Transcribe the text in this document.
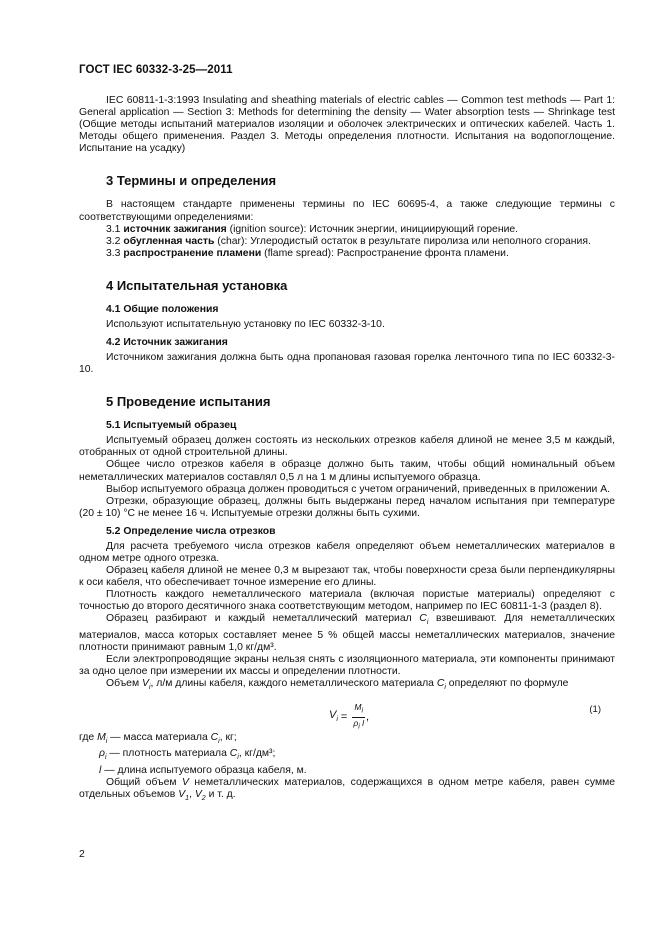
ГОСТ IEC 60332-3-25—2011

IEC 60811-1-3:1993 Insulating and sheathing materials of electric cables — Common test methods — Part 1: General application — Section 3: Methods for determining the density — Water absorption tests — Shrinkage test (Общие методы испытаний материалов изоляции и оболочек электрических и оптических кабелей. Часть 1. Методы общего применения. Раздел 3. Методы определения плотности. Испытания на водопоглощение. Испытание на усадку)

3 Термины и определения

В настоящем стандарте применены термины по IEC 60695-4, а также следующие термины с соответствующими определениями:

3.1 источник зажигания (ignition source): Источник энергии, инициирующий горение.

3.2 обугленная часть (char): Углеродистый остаток в результате пиролиза или неполного сгорания.

3.3 распространение пламени (flame spread): Распространение фронта пламени.

4 Испытательная установка
4.1 Общие положения

Используют испытательную установку по IEC 60332-3-10.

4.2 Источник зажигания

Источником зажигания должна быть одна пропановая газовая горелка ленточного типа по IEC 60332-3-10.

5 Проведение испытания
5.1 Испытуемый образец

Испытуемый образец должен состоять из нескольких отрезков кабеля длиной не менее 3,5 м каждый, отобранных от одной строительной длины.

Общее число отрезков кабеля в образце должно быть таким, чтобы общий номинальный объем неметаллических материалов составлял 0,5 л на 1 м длины испытуемого образца.

Выбор испытуемого образца должен проводиться с учетом ограничений, приведенных в приложении А.

Отрезки, образующие образец, должны быть выдержаны перед началом испытания при температуре (20 ± 10) °С не менее 16 ч. Испытуемые отрезки должны быть сухими.

5.2 Определение числа отрезков

Для расчета требуемого числа отрезков кабеля определяют объем неметаллических материалов в одном метре одного отрезка.

Образец кабеля длиной не менее 0,3 м вырезают так, чтобы поверхности среза были перпендикулярны к оси кабеля, что обеспечивает точное измерение его длины.

Плотность каждого неметаллического материала (включая пористые материалы) определяют с точностью до второго десятичного знака соответствующим методом, например по IEC 60811-1-3 (раздел 8).

Образец разбирают и каждый неметаллический материал $C_i$ взвешивают. Для неметаллических материалов, масса которых составляет менее 5 % общей массы неметаллических материалов, значение плотности принимают равным 1,0 кг/дм³.

Если электропроводящие экраны нельзя снять с изоляционного материала, эти компоненты принимают за одно целое при измерении их массы и определении плотности.

Объем $V_i$, л/м длины кабеля, каждого неметаллического материала $C_i$ определяют по формуле

$V_i = \frac{M_i}{\rho_i l}$ ,
(1)

где $M_i$ — масса материала $C_i$, кг;

$\rho_i$ — плотность материала $C_i$, кг/дм³;

l — длина испытуемого образца кабеля, м.

Общий объем V неметаллических материалов, содержащихся в одном метре кабеля, равен сумме отдельных объемов $V_1$, $V_2$ и т. д.

2
